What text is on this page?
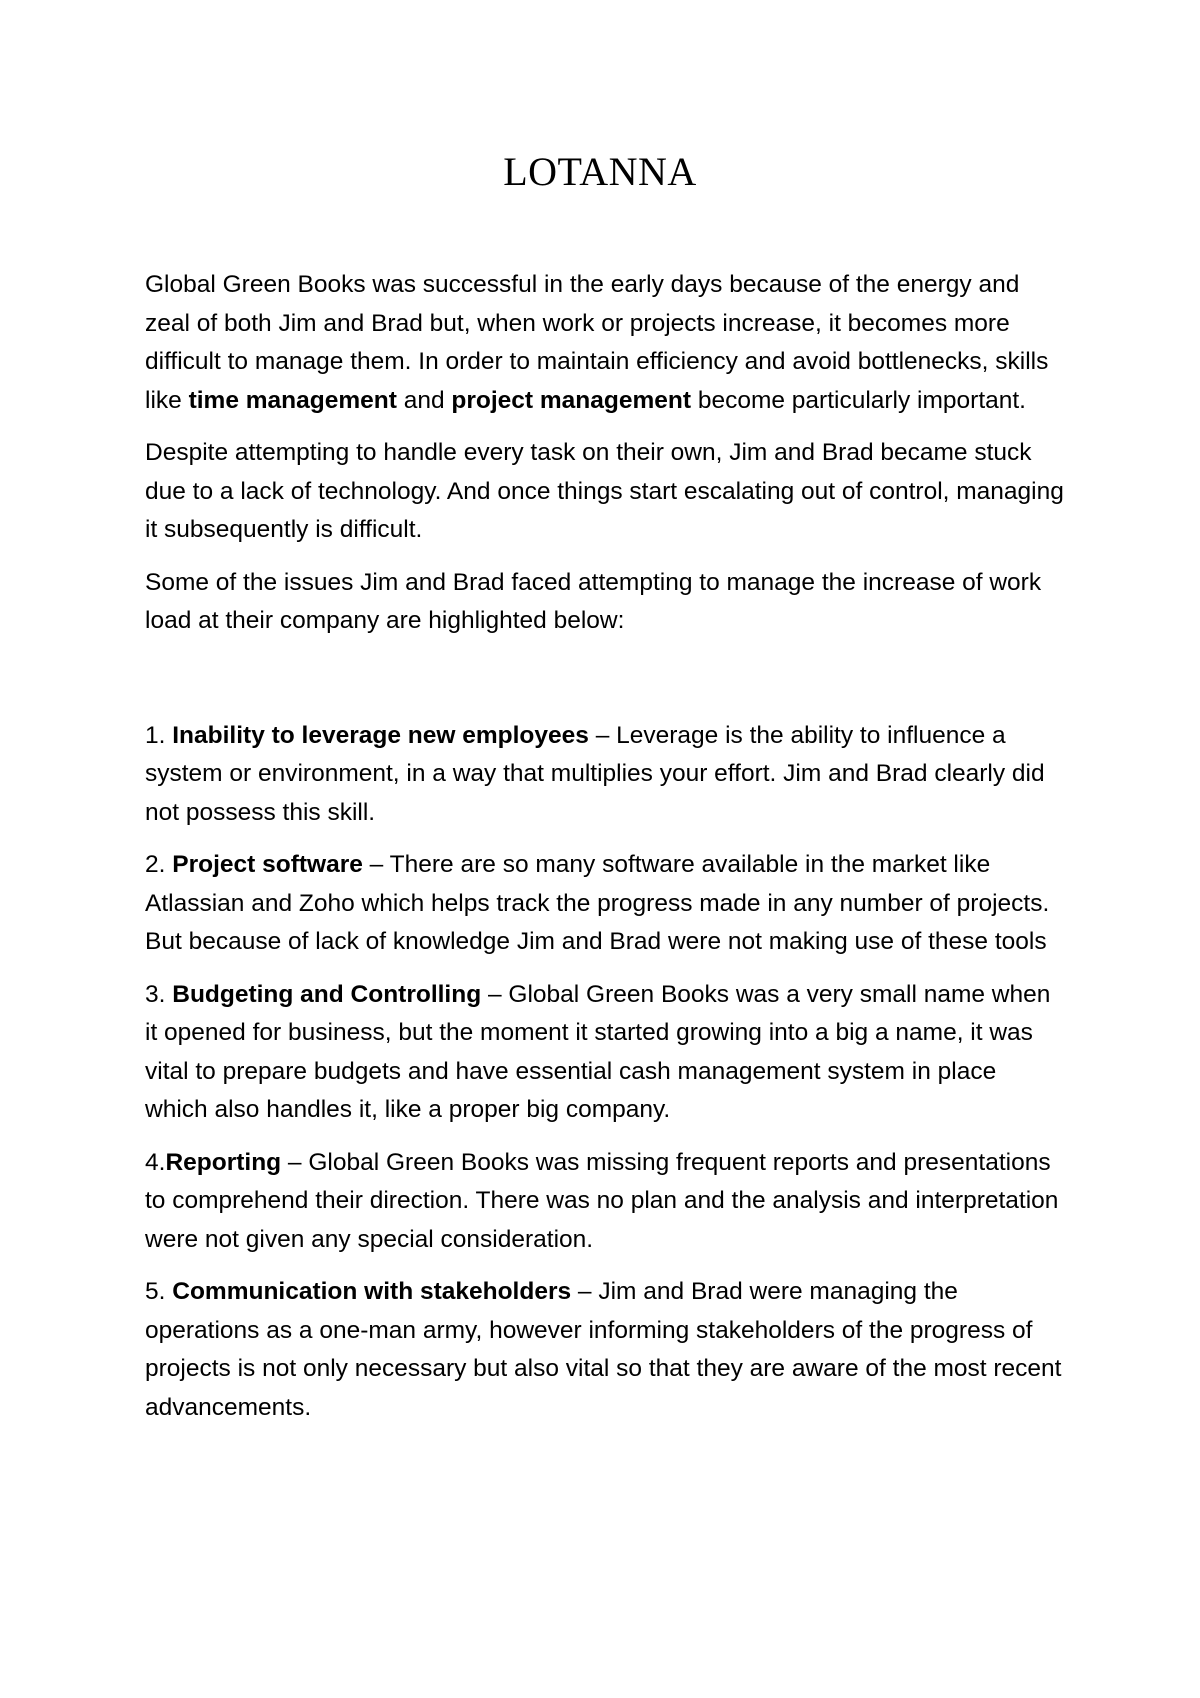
LOTANNA

Global Green Books was successful in the early days because of the energy and zeal of both Jim and Brad but, when work or projects increase, it becomes more difficult to manage them. In order to maintain efficiency and avoid bottlenecks, skills like time management and project management become particularly important.

Despite attempting to handle every task on their own, Jim and Brad became stuck due to a lack of technology. And once things start escalating out of control, managing it subsequently is difficult.

Some of the issues Jim and Brad faced attempting to manage the increase of work load at their company are highlighted below:

1. Inability to leverage new employees – Leverage is the ability to influence a system or environment, in a way that multiplies your effort. Jim and Brad clearly did not possess this skill.

2. Project software – There are so many software available in the market like Atlassian and Zoho which helps track the progress made in any number of projects. But because of lack of knowledge Jim and Brad were not making use of these tools

3. Budgeting and Controlling – Global Green Books was a very small name when it opened for business, but the moment it started growing into a big a name, it was vital to prepare budgets and have essential cash management system in place which also handles it, like a proper big company.

4.Reporting – Global Green Books was missing frequent reports and presentations to comprehend their direction. There was no plan and the analysis and interpretation were not given any special consideration.

5. Communication with stakeholders – Jim and Brad were managing the operations as a one-man army, however informing stakeholders of the progress of projects is not only necessary but also vital so that they are aware of the most recent advancements.
